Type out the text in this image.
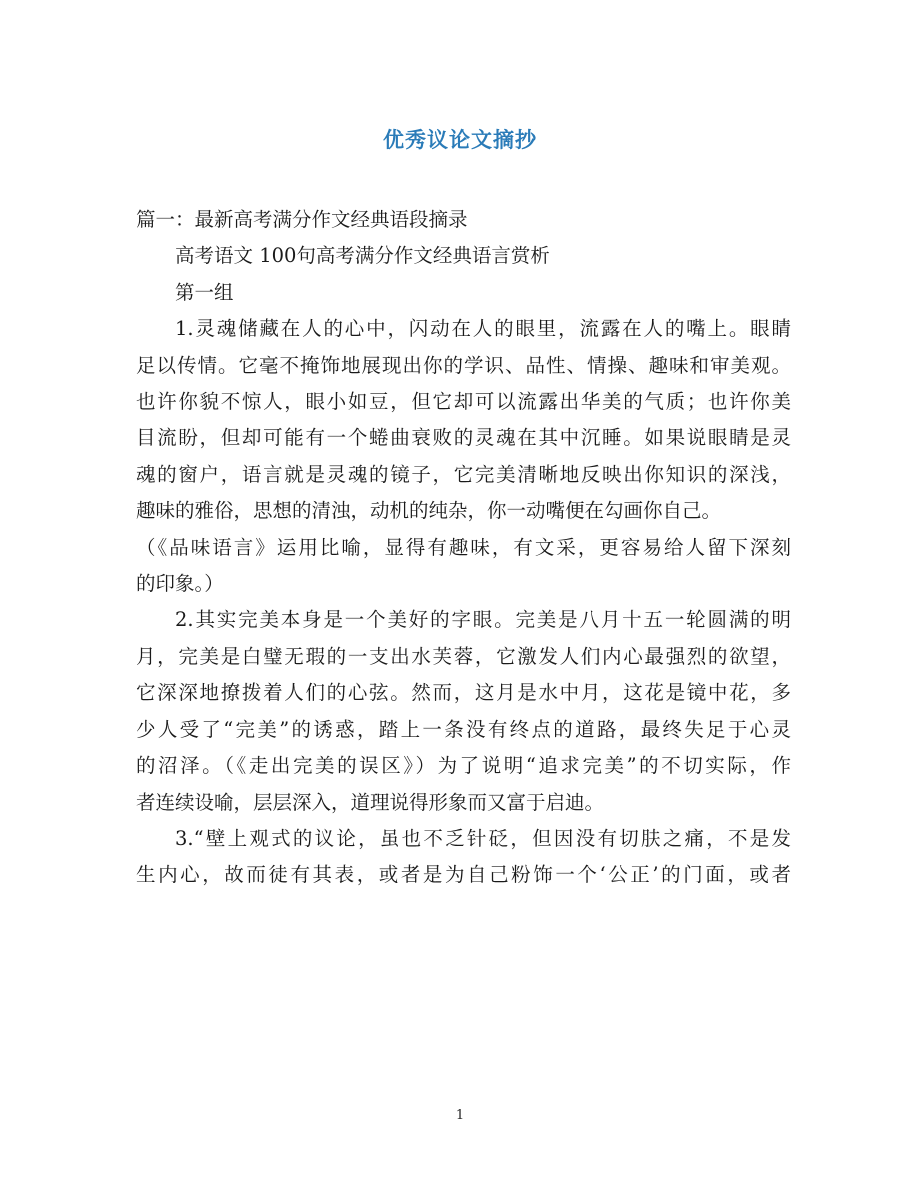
优秀议论文摘抄

篇一：最新高考满分作文经典语段摘录

高考语文 100句高考满分作文经典语言赏析

第一组

1.灵魂储藏在人的心中，闪动在人的眼里，流露在人的嘴上。眼睛
足以传情。它毫不掩饰地展现出你的学识、品性、情操、趣味和审美观。
也许你貌不惊人，眼小如豆，但它却可以流露出华美的气质；也许你美
目流盼，但却可能有一个蜷曲衰败的灵魂在其中沉睡。如果说眼睛是灵
魂的窗户，语言就是灵魂的镜子，它完美清晰地反映出你知识的深浅，
趣味的雅俗，思想的清浊，动机的纯杂，你一动嘴便在勾画你自己。
（《品味语言》运用比喻，显得有趣味，有文采，更容易给人留下深刻
的印象。）

2.其实完美本身是一个美好的字眼。完美是八月十五一轮圆满的明
月，完美是白璧无瑕的一支出水芙蓉，它激发人们内心最强烈的欲望，
它深深地撩拨着人们的心弦。然而，这月是水中月，这花是镜中花，多
少人受了“完美”的诱惑，踏上一条没有终点的道路，最终失足于心灵
的沼泽。（《走出完美的误区》）为了说明“追求完美”的不切实际，作
者连续设喻，层层深入，道理说得形象而又富于启迪。

3.“壁上观式的议论，虽也不乏针砭，但因没有切肤之痛，不是发
生内心，故而徒有其表，或者是为自己粉饰一个‘公正’的门面，或者

1
